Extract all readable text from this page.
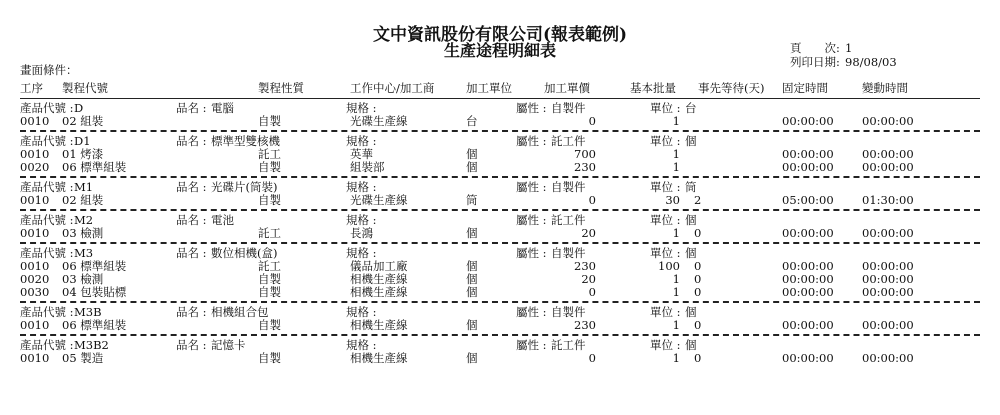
文中資訊股份有限公司(報表範例)
生產途程明細表	頁　　次: 1
列印日期: 98/08/03
畫面條件：
工序 製程代號	製程性質	工作中心/加工商	加工單位	加工單價	基本批量 事先等待(天) 固定時間	變動時間
產品代號 : D	品名 : 電腦	規格 :	屬性 : 自製件	單位 : 台
0010 02 組裝	自製	光碟生產線	台	0	1	00:00:00 00:00:00
產品代號 : D1	品名 : 標準型雙核機	規格 :	屬性 : 託工件	單位 : 個
0010 01 烤漆	託工	英華	個	700	1	00:00:00 00:00:00
0020 06 標準組裝	自製	組裝部	個	230	1	00:00:00 00:00:00
產品代號 : M1	品名 : 光碟片(筒裝)	規格 :	屬性 : 自製件	單位 : 筒
0010 02 組裝	自製	光碟生產線	筒	0	30 2	05:00:00 01:30:00
產品代號 : M2	品名 : 電池	規格 :	屬性 : 託工件	單位 : 個
0010 03 檢測	託工	長鴻	個	20	1 0	00:00:00 00:00:00
產品代號 : M3	品名 : 數位相機(盒)	規格 :	屬性 : 自製件	單位 : 個
0010 06 標準組裝	託工	儀品加工廠	個	230	100 0	00:00:00 00:00:00
0020 03 檢測	自製	相機生產線	個	20	1 0	00:00:00 00:00:00
0030 04 包裝貼標	自製	相機生產線	個	0	1 0	00:00:00 00:00:00
產品代號 : M3B	品名 : 相機組合包	規格 :	屬性 : 自製件	單位 : 個
0010 06 標準組裝	自製	相機生產線	個	230	1 0	00:00:00 00:00:00
產品代號 : M3B2	品名 : 記憶卡	規格 :	屬性 : 託工件	單位 : 個
0010 05 製造	自製	相機生產線	個	0	1 0	00:00:00 00:00:00
